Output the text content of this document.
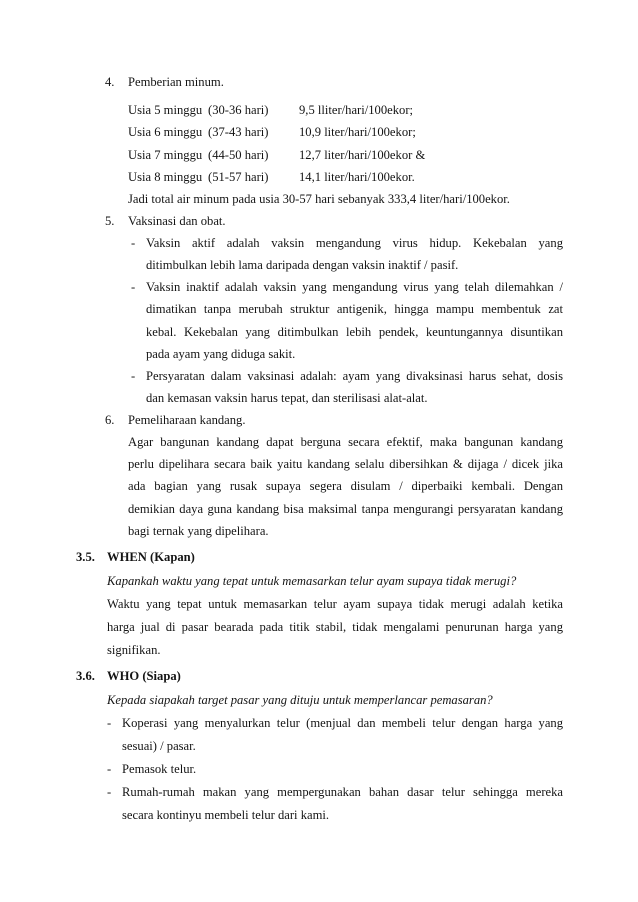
4. Pemberian minum.
Usia 5 minggu (30-36 hari) 9,5 lliter/hari/100ekor;
Usia 6 minggu (37-43 hari) 10,9 liter/hari/100ekor;
Usia 7 minggu (44-50 hari) 12,7 liter/hari/100ekor &
Usia 8 minggu (51-57 hari) 14,1 liter/hari/100ekor.
Jadi total air minum pada usia 30-57 hari sebanyak 333,4 liter/hari/100ekor.
5. Vaksinasi dan obat.
- Vaksin aktif adalah vaksin mengandung virus hidup. Kekebalan yang
ditimbulkan lebih lama daripada dengan vaksin inaktif / pasif.
- Vaksin inaktif adalah vaksin yang mengandung virus yang telah dilemahkan /
dimatikan tanpa merubah struktur antigenik, hingga mampu membentuk zat
kebal. Kekebalan yang ditimbulkan lebih pendek, keuntungannya disuntikan
pada ayam yang diduga sakit.
- Persyaratan dalam vaksinasi adalah: ayam yang divaksinasi harus sehat, dosis
dan kemasan vaksin harus tepat, dan sterilisasi alat-alat.
6. Pemeliharaan kandang.
Agar bangunan kandang dapat berguna secara efektif, maka bangunan kandang
perlu dipelihara secara baik yaitu kandang selalu dibersihkan & dijaga / dicek jika
ada bagian yang rusak supaya segera disulam / diperbaiki kembali. Dengan
demikian daya guna kandang bisa maksimal tanpa mengurangi persyaratan kandang
bagi ternak yang dipelihara.
3.5. WHEN (Kapan)
Kapankah waktu yang tepat untuk memasarkan telur ayam supaya tidak merugi?
Waktu yang tepat untuk memasarkan telur ayam supaya tidak merugi adalah ketika
harga jual di pasar bearada pada titik stabil, tidak mengalami penurunan harga yang
signifikan.
3.6. WHO (Siapa)
Kepada siapakah target pasar yang dituju untuk memperlancar pemasaran?
- Koperasi yang menyalurkan telur (menjual dan membeli telur dengan harga yang
sesuai) / pasar.
- Pemasok telur.
- Rumah-rumah makan yang mempergunakan bahan dasar telur sehingga mereka
secara kontinyu membeli telur dari kami.
